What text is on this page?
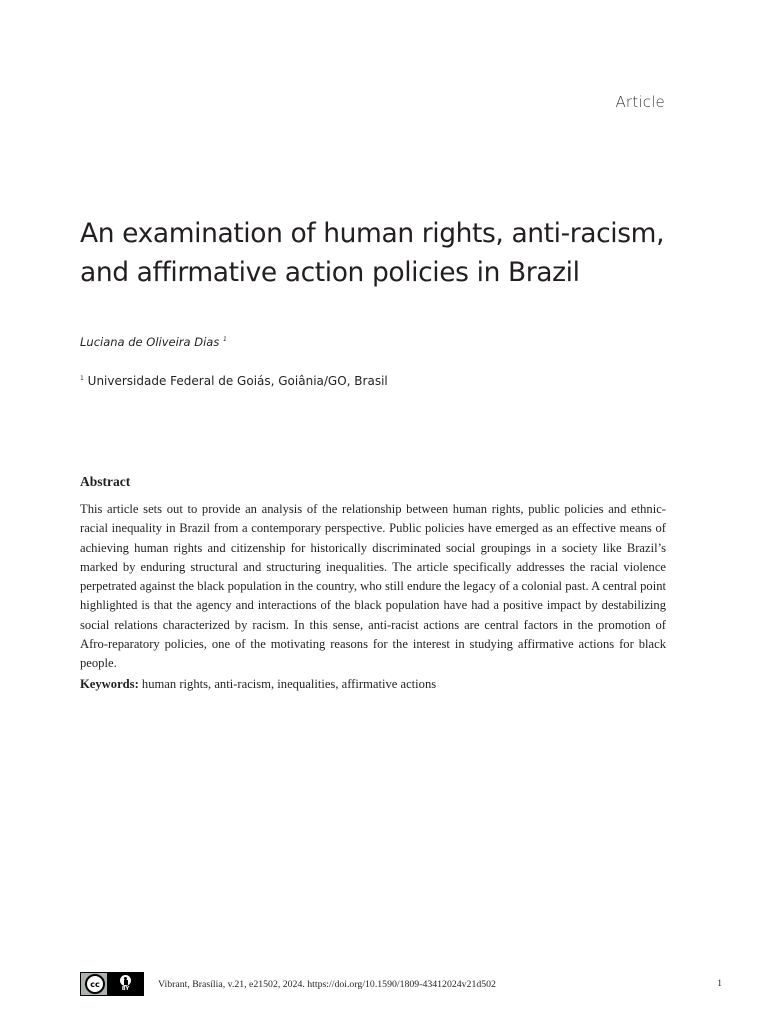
Article
An examination of human rights, anti-racism,
and affirmative action policies in Brazil
Luciana de Oliveira Dias $^1$
$^1$ Universidade Federal de Goiás, Goiânia/GO, Brasil
Abstract

This article sets out to provide an analysis of the relationship between human rights, public policies and ethnic-racial inequality in Brazil from a contemporary perspective. Public policies have emerged as an effective means of achieving human rights and citizenship for historically discriminated social groupings in a society like Brazil’s marked by enduring structural and structuring inequalities. The article specifically addresses the racial violence perpetrated against the black population in the country, who still endure the legacy of a colonial past. A central point highlighted is that the agency and interactions of the black population have had a positive impact by destabilizing social relations characterized by racism. In this sense, anti-racist actions are central factors in the promotion of Afro-reparatory policies, one of the motivating reasons for the interest in studying affirmative actions for black people.

Keywords: human rights, anti-racism, inequalities, affirmative actions
cc
BY	Vibrant, Brasília, v.21, e21502, 2024. https://doi.org/10.1590/1809-43412024v21d502	1
